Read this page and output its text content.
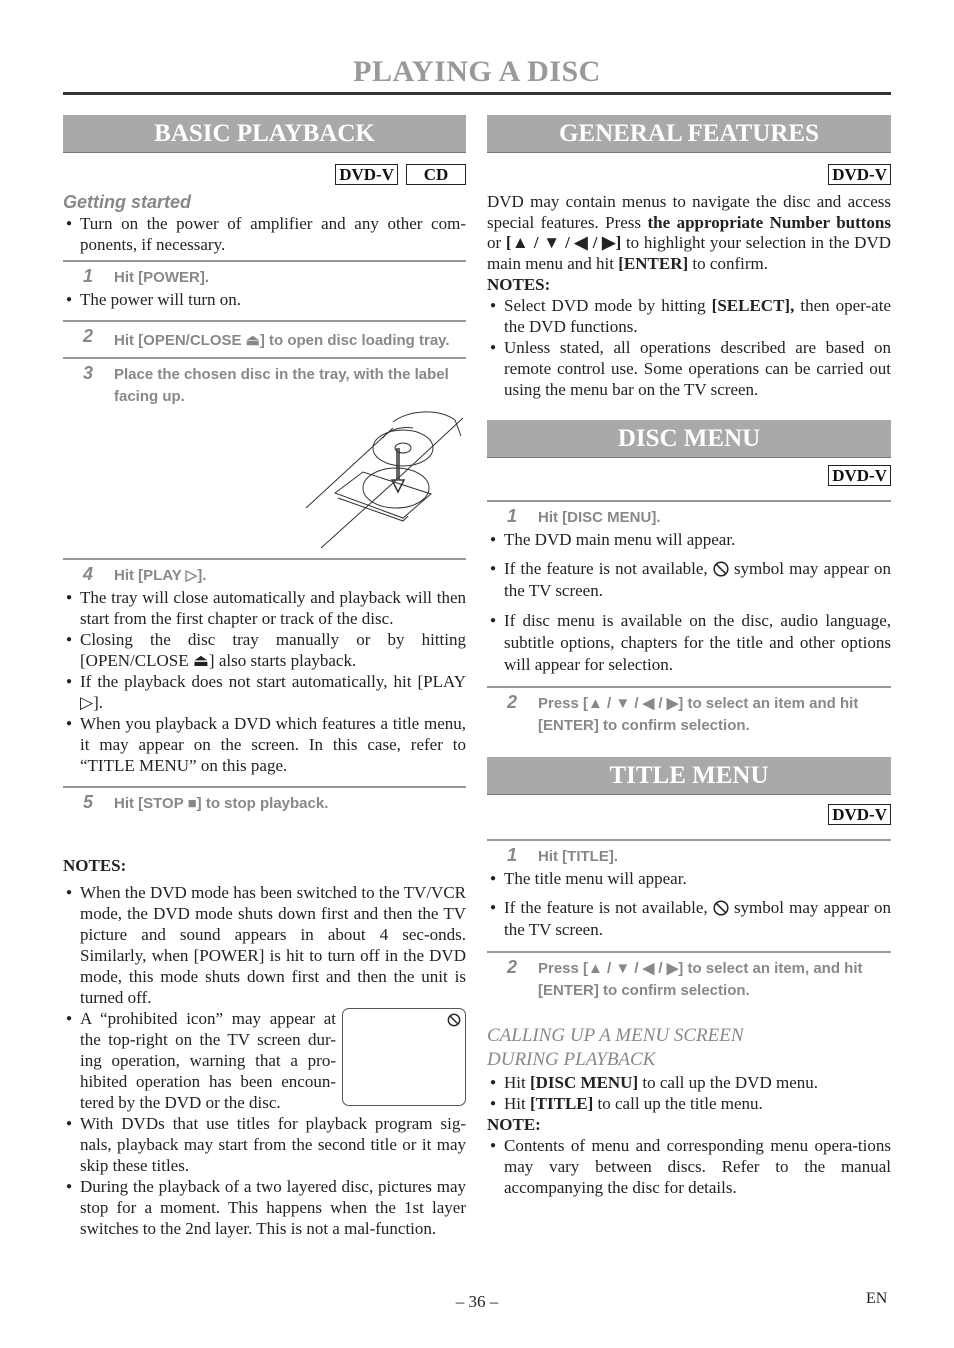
PLAYING A DISC
BASIC PLAYBACK
DVD-V CD
Getting started
● Turn on the power of amplifier and any other com-ponents, if necessary.
1 Hit [POWER].
● The power will turn on.
2 Hit [OPEN/CLOSE ⏏] to open disc loading tray.
3 Place the chosen disc in the tray, with the label facing up.
4 Hit [PLAY ▷].
● The tray will close automatically and playback will then start from the first chapter or track of the disc.
● Closing the disc tray manually or by hitting [OPEN/CLOSE ⏏] also starts playback.
● If the playback does not start automatically, hit [PLAY ▷].
● When you playback a DVD which features a title menu, it may appear on the screen. In this case, refer to “TITLE MENU” on this page.
5 Hit [STOP ■] to stop playback.
NOTES:
● When the DVD mode has been switched to the TV/VCR mode, the DVD mode shuts down first and then the TV picture and sound appears in about 4 sec-onds. Similarly, when [POWER] is hit to turn off in the DVD mode, this mode shuts down first and then the unit is turned off.
● A “prohibited icon” may appear at the top-right on the TV screen dur-ing operation, warning that a pro-hibited operation has been encoun-tered by the DVD or the disc.
● With DVDs that use titles for playback program sig-nals, playback may start from the second title or it may skip these titles.
● During the playback of a two layered disc, pictures may stop for a moment. This happens when the 1st layer switches to the 2nd layer. This is not a mal-function.
GENERAL FEATURES
DVD-V
DVD may contain menus to navigate the disc and access special features. Press the appropriate Number buttons or [▲ / ▼ / ◀ / ▶] to highlight your selection in the DVD main menu and hit [ENTER] to confirm.
NOTES:
● Select DVD mode by hitting [SELECT], then oper-ate the DVD functions.
● Unless stated, all operations described are based on remote control use. Some operations can be carried out using the menu bar on the TV screen.
DISC MENU
DVD-V
1 Hit [DISC MENU].
● The DVD main menu will appear.
● If the feature is not available,  symbol may appear on the TV screen.
● If disc menu is available on the disc, audio language, subtitle options, chapters for the title and other options will appear for selection.
2 Press [▲ / ▼ / ◀ / ▶] to select an item and hit [ENTER] to confirm selection.
TITLE MENU
DVD-V
1 Hit [TITLE].
● The title menu will appear.
● If the feature is not available,  symbol may appear on the TV screen.
2 Press [▲ / ▼ / ◀ / ▶] to select an item, and hit [ENTER] to confirm selection.
CALLING UP A MENU SCREEN
DURING PLAYBACK
● Hit [DISC MENU] to call up the DVD menu.
● Hit [TITLE] to call up the title menu.
NOTE:
● Contents of menu and corresponding menu opera-tions may vary between discs. Refer to the manual accompanying the disc for details.
– 36 –	EN
